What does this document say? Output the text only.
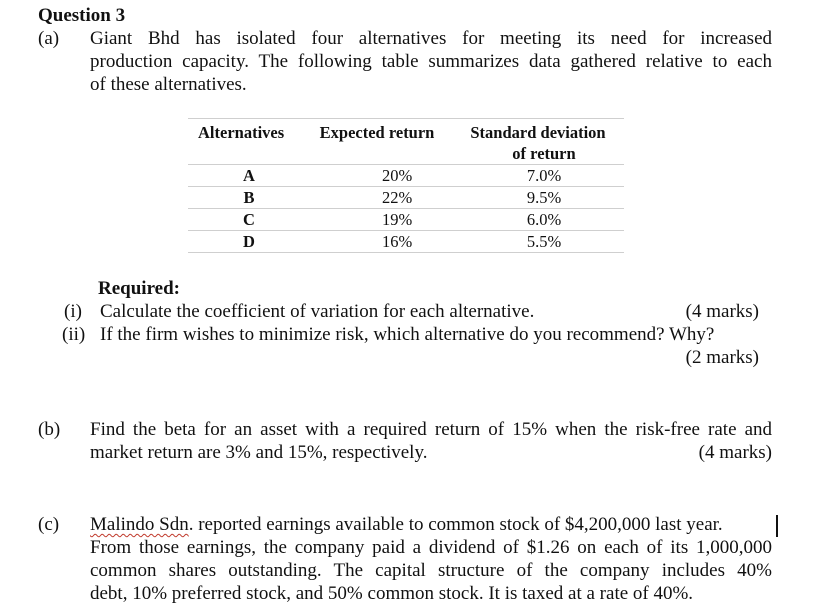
Question 3
(a) Giant Bhd has isolated four alternatives for meeting its need for increased
production capacity. The following table summarizes data gathered relative to each
of these alternatives.
Alternatives	Expected return	Standard deviation
		of return
A	20%	7.0%
B	22%	9.5%
C	19%	6.0%
D	16%	5.5%
Required:
(i) Calculate the coefficient of variation for each alternative.	(4 marks)
(ii) If the firm wishes to minimize risk, which alternative do you recommend? Why?
(2 marks)
(b) Find the beta for an asset with a required return of 15% when the risk-free rate and
market return are 3% and 15%, respectively.	(4 marks)
(c) Malindo Sdn. reported earnings available to common stock of $4,200,000 last year.
From those earnings, the company paid a dividend of $1.26 on each of its 1,000,000
common shares outstanding. The capital structure of the company includes 40%
debt, 10% preferred stock, and 50% common stock. It is taxed at a rate of 40%.
